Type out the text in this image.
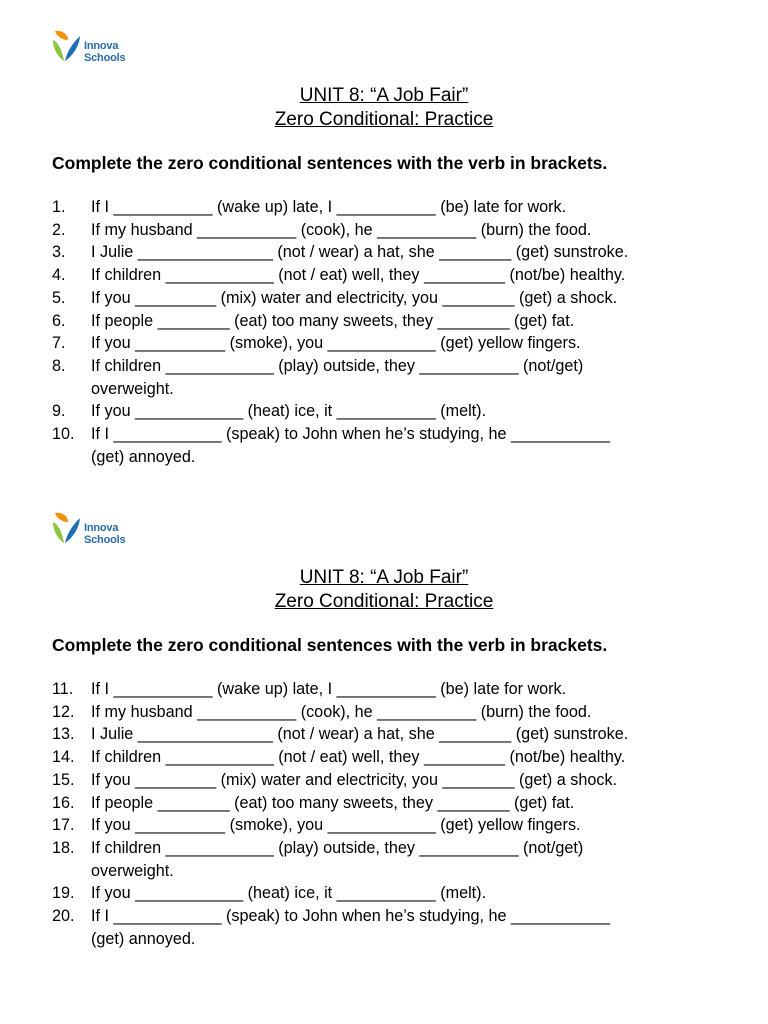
Innova
Schools
UNIT 8: “A Job Fair”
Zero Conditional: Practice
Complete the zero conditional sentences with the verb in brackets.
1. If I ___________ (wake up) late, I ___________ (be) late for work.
2. If my husband ___________ (cook), he ___________ (burn) the food.
3. I Julie _______________ (not / wear) a hat, she ________ (get) sunstroke.
4. If children ____________ (not / eat) well, they _________ (not/be) healthy.
5. If you _________ (mix) water and electricity, you ________ (get) a shock.
6. If people ________ (eat) too many sweets, they ________ (get) fat.
7. If you __________ (smoke), you ____________ (get) yellow fingers.
8. If children ____________ (play) outside, they ___________ (not/get)
overweight.
9. If you ____________ (heat) ice, it ___________ (melt).
10. If I ____________ (speak) to John when he’s studying, he ___________
(get) annoyed.
Innova
Schools
UNIT 8: “A Job Fair”
Zero Conditional: Practice
Complete the zero conditional sentences with the verb in brackets.
11. If I ___________ (wake up) late, I ___________ (be) late for work.
12. If my husband ___________ (cook), he ___________ (burn) the food.
13. I Julie _______________ (not / wear) a hat, she ________ (get) sunstroke.
14. If children ____________ (not / eat) well, they _________ (not/be) healthy.
15. If you _________ (mix) water and electricity, you ________ (get) a shock.
16. If people ________ (eat) too many sweets, they ________ (get) fat.
17. If you __________ (smoke), you ____________ (get) yellow fingers.
18. If children ____________ (play) outside, they ___________ (not/get)
overweight.
19. If you ____________ (heat) ice, it ___________ (melt).
20. If I ____________ (speak) to John when he’s studying, he ___________
(get) annoyed.
